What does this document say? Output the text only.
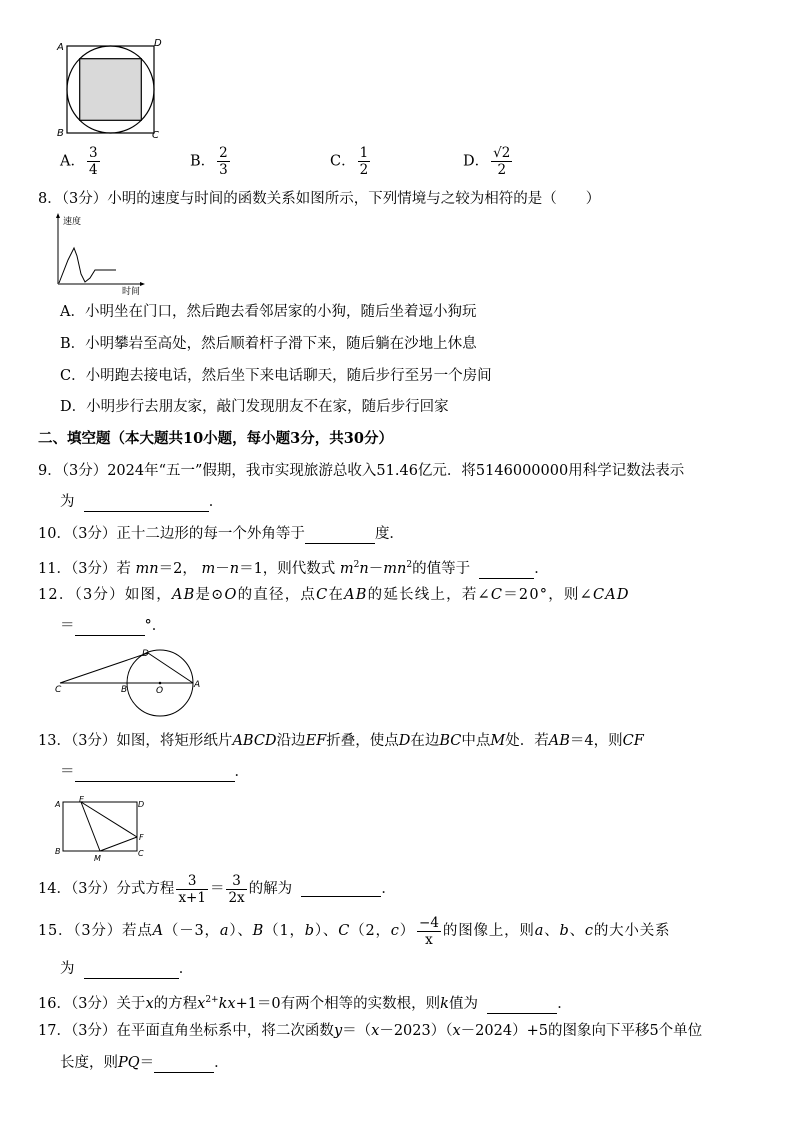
A	D
B	C
A． $\frac{3}{4}$	B． $\frac{2}{3}$	C． $\frac{1}{2}$	D． $\frac{√2}{2}$
8．（3分）小明的速度与时间的函数关系如图所示，下列情境与之较为相符的是（　　）
速度
时间
A．小明坐在门口，然后跑去看邻居家的小狗，随后坐着逗小狗玩
B．小明攀岩至高处，然后顺着杆子滑下来，随后躺在沙地上休息
C．小明跑去接电话，然后坐下来电话聊天，随后步行至另一个房间
D．小明步行去朋友家，敲门发现朋友不在家，随后步行回家
二、填空题（本大题共10小题，每小题3分，共30分）
9．（3分）2024年“五一”假期，我市实现旅游总收入51.46亿元．将5146000000用科学记数法表示
为	．
10．（3分）正十二边形的每一个外角等于	度．
11．（3分）若 mn＝2， m－n＝1，则代数式 $m^2n-mn^2$的值等于	．
12．（3分）如图，AB是⊙O的直径，点C在AB的延长线上，若∠C＝20°，则∠CAD
＝	°．
C	B	O
A
D
13．（3分）如图，将矩形纸片ABCD沿边EF折叠，使点D在边BC中点M处．若AB＝4，则CF
＝	．
A
E
D
B
M
C
F
14．（3分）分式方程 $\frac{3}{x+1} = \frac{3}{2x}$ 的解为	．
15．（3分）若点A（－3，a）、B（1，b）、C（2，$c) \frac{-4}{x}$ 的图像上，则a、b、c的大小关系
为	．
16．（3分）关于x的方程$x^{2+}kx+1=0$有两个相等的实数根，则k值为	．
17．（3分）在平面直角坐标系中，将二次函数y＝（x－2023）（x－2024）+5的图象向下平移5个单位
长度，则PQ＝	．
